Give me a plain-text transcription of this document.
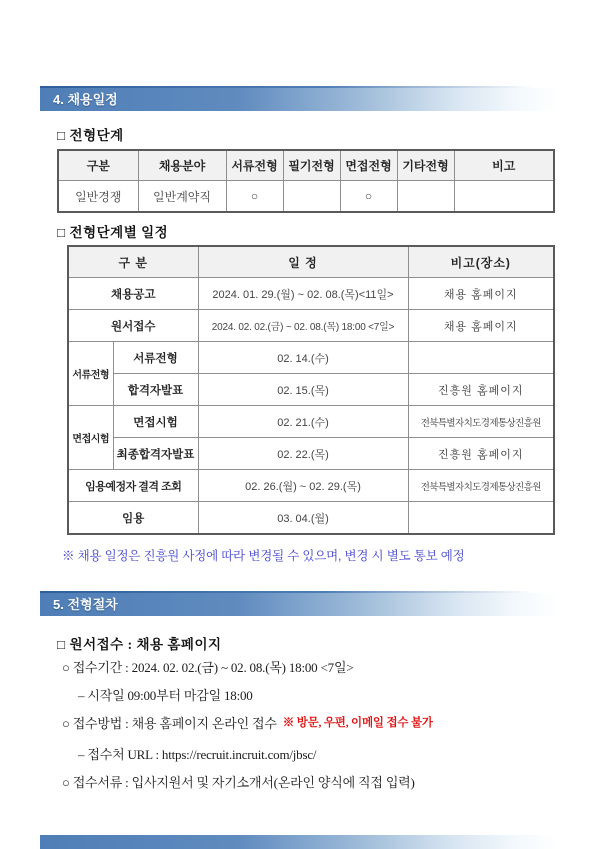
4. 채용일정
□ 전형단계
구분	채용분야	서류전형	필기전형	면접전형	기타전형	비고
일반경쟁	일반계약직	○		○		
□ 전형단계별 일정
구 분		일 정	비고(장소)
채용공고		2024. 01. 29.(월) ~ 02. 08.(목)<11일>	채용 홈페이지
원서접수		2024. 02. 02.(금) ~ 02. 08.(목) 18:00 <7일>	채용 홈페이지
서류전형	서류전형	02. 14.(수)	
	합격자발표	02. 15.(목)	진흥원 홈페이지
면접시험	면접시험	02. 21.(수)	전북특별자치도경제통상진흥원
	최종합격자발표	02. 22.(목)	진흥원 홈페이지
임용예정자 결격 조회		02. 26.(월) ~ 02. 29.(목)	전북특별자치도경제통상진흥원
임용		03. 04.(월)	
※ 채용 일정은 진흥원 사정에 따라 변경될 수 있으며, 변경 시 별도 통보 예정
5. 전형절차
□ 원서접수 : 채용 홈페이지
○ 접수기간 : 2024. 02. 02.(금) ~ 02. 08.(목) 18:00 <7일>
– 시작일 09:00부터 마감일 18:00
○ 접수방법 : 채용 홈페이지 온라인 접수 ※ 방문, 우편, 이메일 접수 불가
– 접수처 URL : https://recruit.incruit.com/jbsc/
○ 접수서류 : 입사지원서 및 자기소개서(온라인 양식에 직접 입력)
